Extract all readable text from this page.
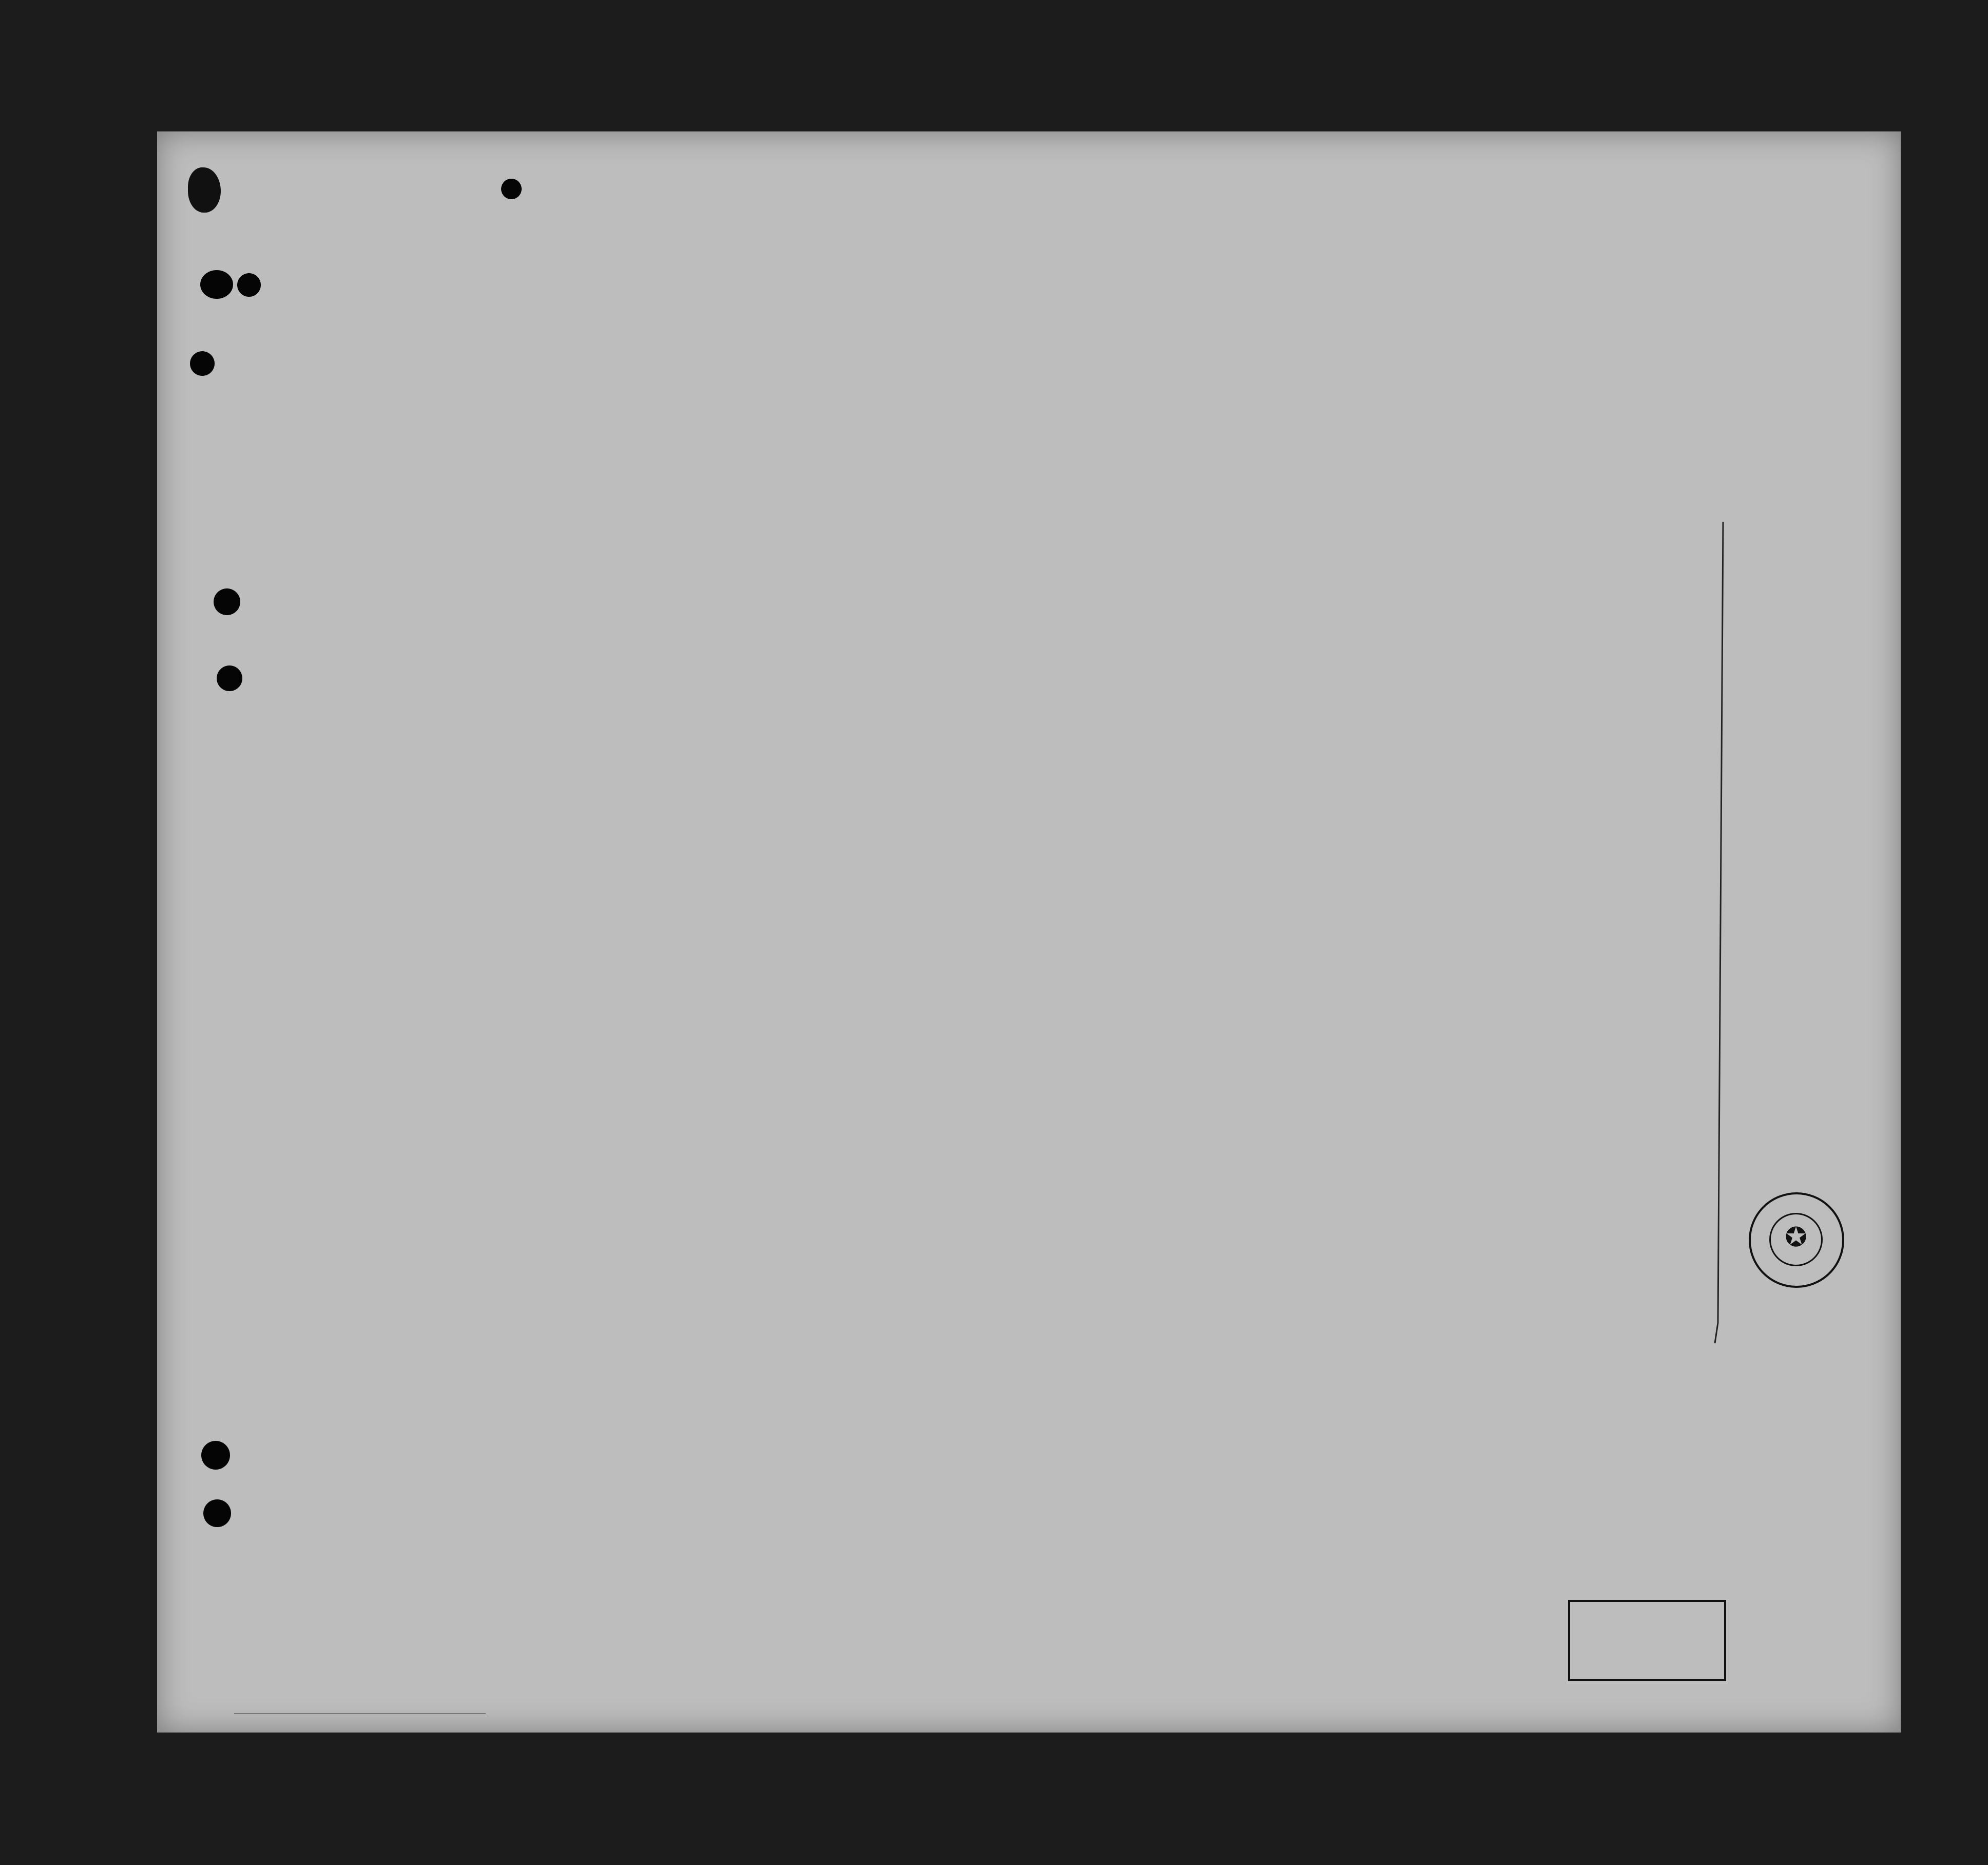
✪
